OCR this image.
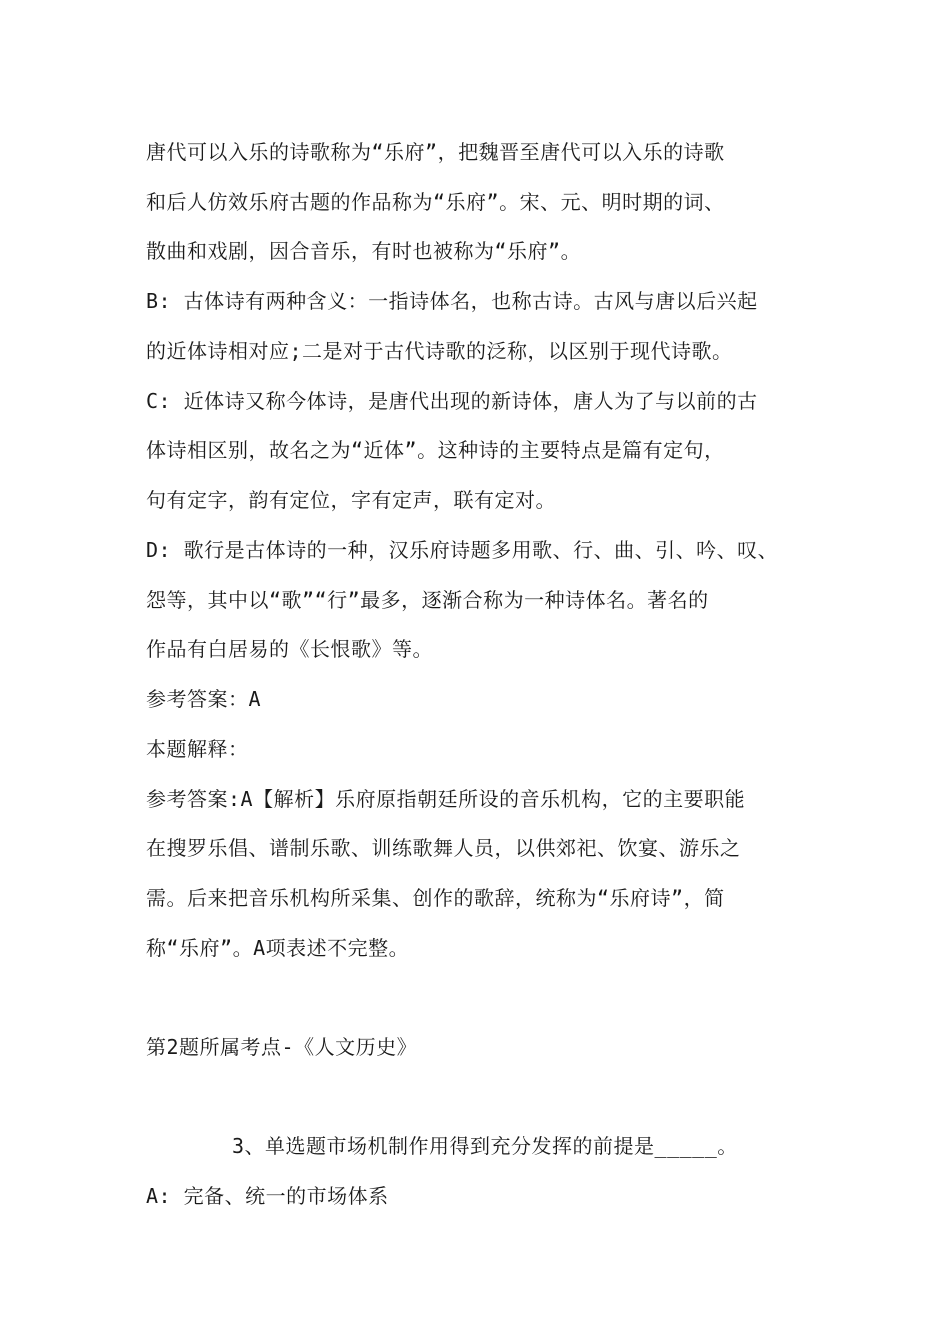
唐代可以入乐的诗歌称为“乐府”，把魏晋至唐代可以入乐的诗歌
和后人仿效乐府古题的作品称为“乐府”。宋、元、明时期的词、
散曲和戏剧，因合音乐，有时也被称为“乐府”。
B: 古体诗有两种含义：一指诗体名，也称古诗。古风与唐以后兴起
的近体诗相对应;二是对于古代诗歌的泛称，以区别于现代诗歌。
C: 近体诗又称今体诗，是唐代出现的新诗体，唐人为了与以前的古
体诗相区别，故名之为“近体”。这种诗的主要特点是篇有定句，
句有定字，韵有定位，字有定声，联有定对。
D: 歌行是古体诗的一种，汉乐府诗题多用歌、行、曲、引、吟、叹、
怨等，其中以“歌”“行”最多，逐渐合称为一种诗体名。著名的
作品有白居易的《长恨歌》等。
参考答案：A
本题解释：
参考答案:A【解析】乐府原指朝廷所设的音乐机构，它的主要职能
在搜罗乐倡、谱制乐歌、训练歌舞人员，以供郊祀、饮宴、游乐之
需。后来把音乐机构所采集、创作的歌辞，统称为“乐府诗”，简
称“乐府”。A项表述不完整。
第2题所属考点-《人文历史》
3、单选题市场机制作用得到充分发挥的前提是_____。
A: 完备、统一的市场体系
